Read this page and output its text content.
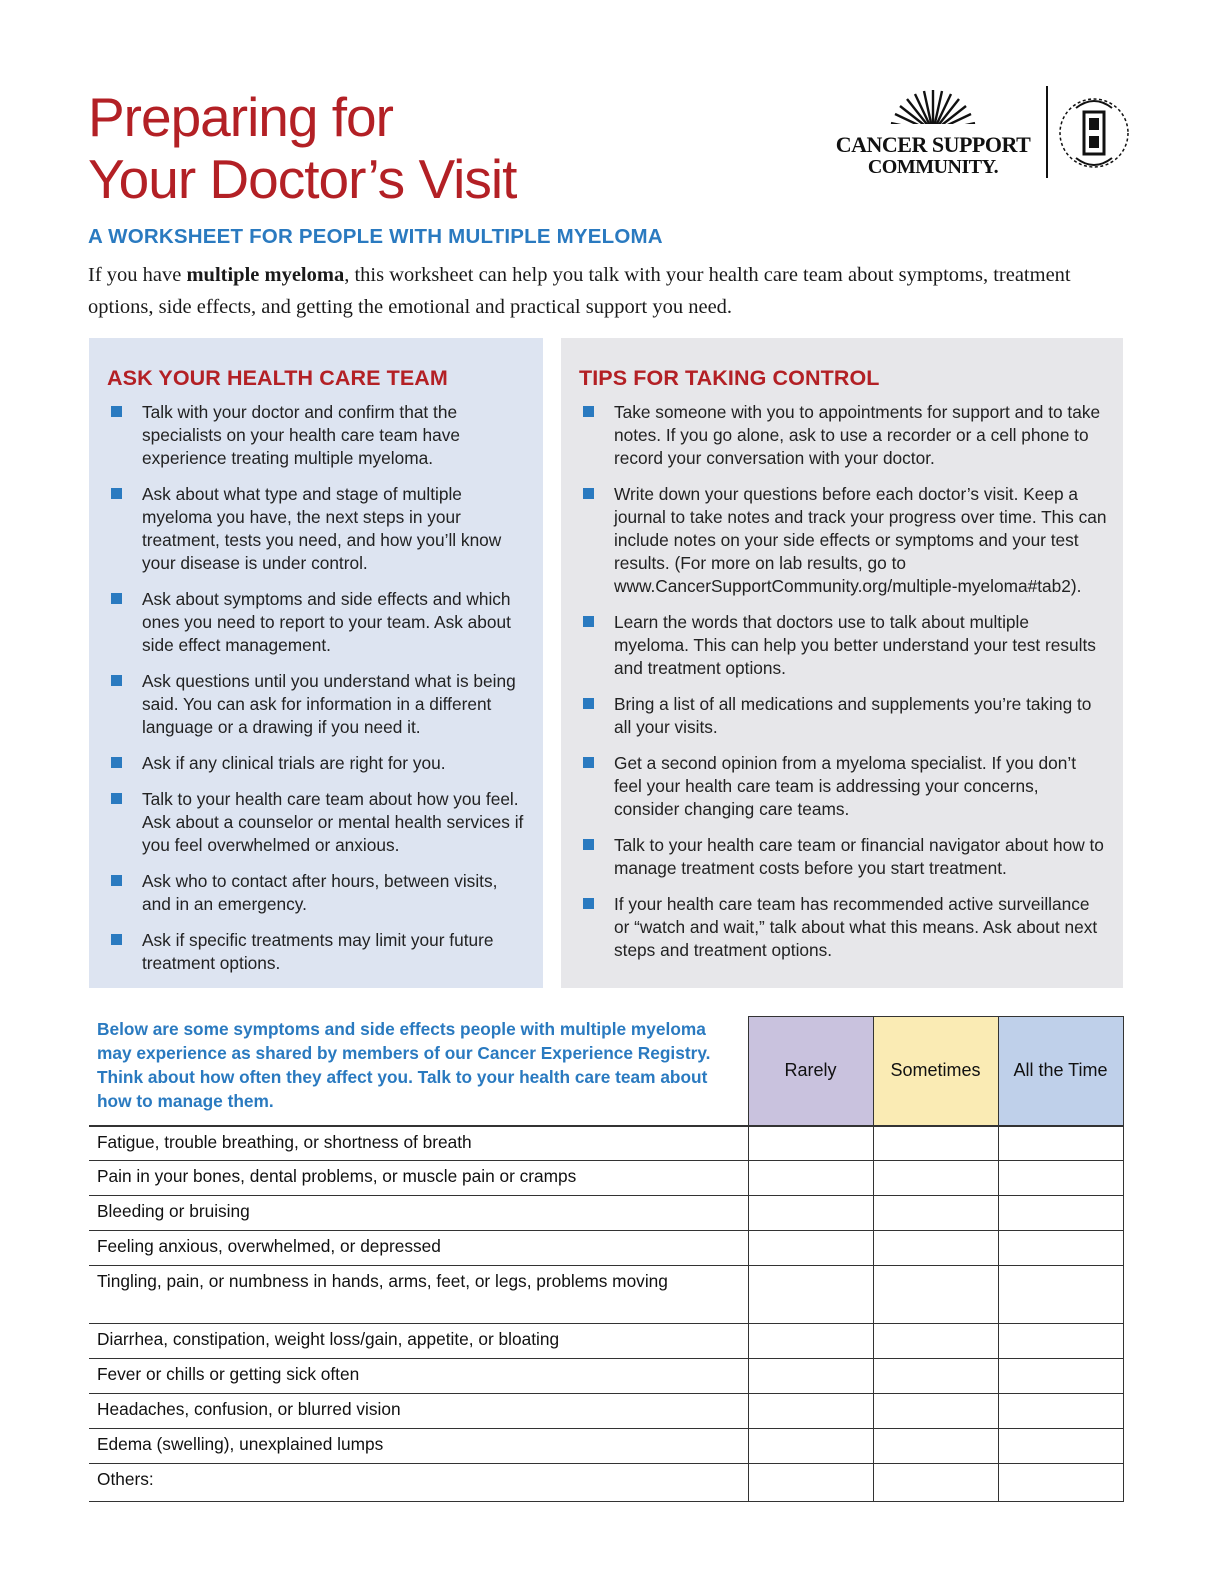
Preparing for
Your Doctor’s Visit
CANCER SUPPORT
COMMUNITY.
A WORKSHEET FOR PEOPLE WITH MULTIPLE MYELOMA

If you have multiple myeloma, this worksheet can help you talk with your health care team about symptoms, treatment options, side effects, and getting the emotional and practical support you need.

ASK YOUR HEALTH CARE TEAM
Talk with your doctor and confirm that the specialists on your health care team have experience treating multiple myeloma.
Ask about what type and stage of multiple myeloma you have, the next steps in your treatment, tests you need, and how you’ll know your disease is under control.
Ask about symptoms and side effects and which ones you need to report to your team. Ask about side effect management.
Ask questions until you understand what is being said. You can ask for information in a different language or a drawing if you need it.
Ask if any clinical trials are right for you.
Talk to your health care team about how you feel. Ask about a counselor or mental health services if you feel overwhelmed or anxious.
Ask who to contact after hours, between visits, and in an emergency.
Ask if specific treatments may limit your future treatment options.
TIPS FOR TAKING CONTROL
Take someone with you to appointments for support and to take notes. If you go alone, ask to use a recorder or a cell phone to record your conversation with your doctor.
Write down your questions before each doctor’s visit. Keep a journal to take notes and track your progress over time. This can include notes on your side effects or symptoms and your test results. (For more on lab results, go to www.CancerSupportCommunity.org/multiple-myeloma#tab2).
Learn the words that doctors use to talk about multiple myeloma. This can help you better understand your test results and treatment options.
Bring a list of all medications and supplements you’re taking to all your visits.
Get a second opinion from a myeloma specialist. If you don’t feel your health care team is addressing your concerns, consider changing care teams.
Talk to your health care team or financial navigator about how to manage treatment costs before you start treatment.
If your health care team has recommended active surveillance or “watch and wait,” talk about what this means. Ask about next steps and treatment options.
Below are some symptoms and side effects people with multiple myeloma may experience as shared by members of our Cancer Experience Registry. Think about how often they affect you. Talk to your health care team about how to manage them.	Rarely	Sometimes	All the Time
Fatigue, trouble breathing, or shortness of breath			
Pain in your bones, dental problems, or muscle pain or cramps			
Bleeding or bruising			
Feeling anxious, overwhelmed, or depressed			
Tingling, pain, or numbness in hands, arms, feet, or legs, problems moving			
Diarrhea, constipation, weight loss/gain, appetite, or bloating			
Fever or chills or getting sick often			
Headaches, confusion, or blurred vision			
Edema (swelling), unexplained lumps			
Others:			
